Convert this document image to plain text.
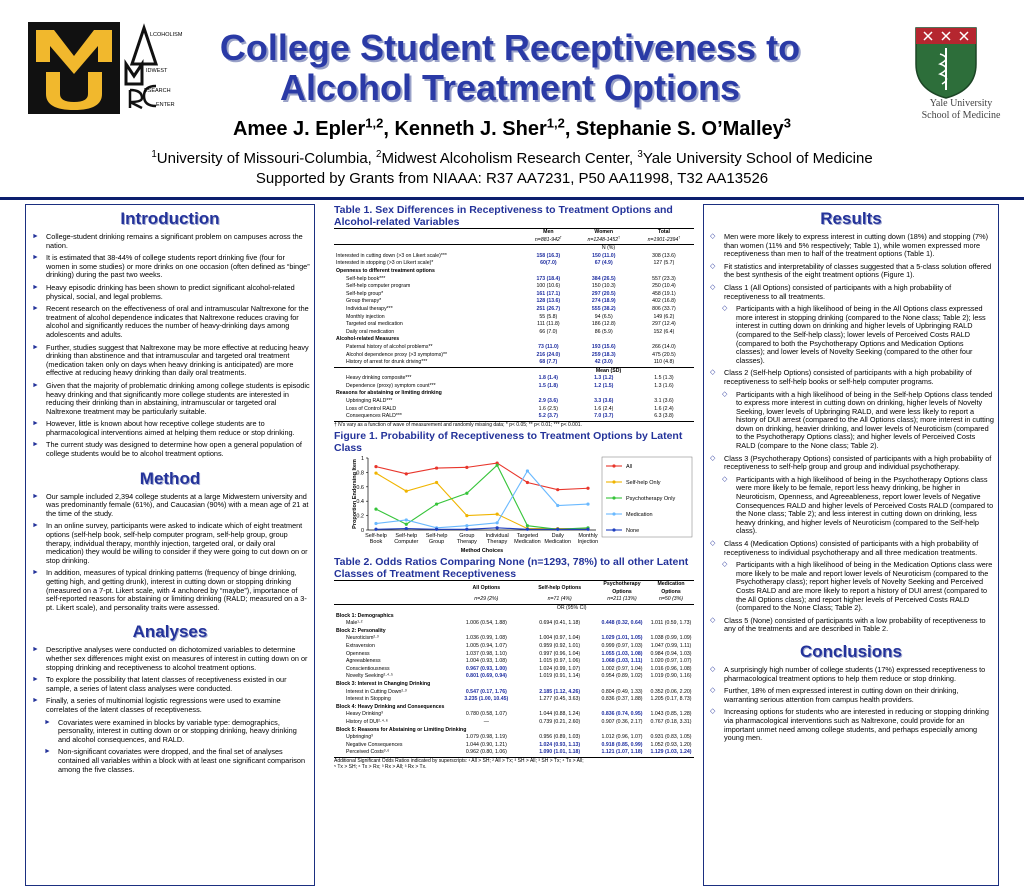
LCOHOLISM
IDWEST
ESEARCH
ENTER
College Student Receptiveness to
Alcohol Treatment Options	Yale University
School of Medicine
Amee J. Epler$^{1,2}$, Kenneth J. Sher$^{1,2}$, Stephanie S. O’Malley$^3$
$^1$University of Missouri-Columbia, $^2$Midwest Alcoholism Research Center, $^3$Yale University School of Medicine
Supported by Grants from NIAAA: R37 AA7231, P50 AA11998, T32 AA13526
Introduction
► College-student drinking remains a significant problem on campuses across the nation.
► It is estimated that 38-44% of college students report drinking five (four for women in some studies) or more drinks on one occasion (often defined as “binge” drinking) during the past two weeks.
► Heavy episodic drinking has been shown to predict significant alcohol-related physical, social, and legal problems.
► Recent research on the effectiveness of oral and intramuscular Naltrexone for the treatment of alcohol dependence indicates that Naltrexone reduces craving for alcohol and significantly reduces the number of heavy-drinking days among adolescents and adults.
► Further, studies suggest that Naltrexone may be more effective at reducing heavy drinking than abstinence and that intramuscular and targeted oral treatment (medication taken only on days when heavy drinking is anticipated) are more effective at reducing heavy drinking than daily oral treatments.
► Given that the majority of problematic drinking among college students is episodic heavy drinking and that significantly more college students are interested in reducing their drinking than in abstaining, intramuscular or targeted oral Naltrexone treatment may be particularly suitable.
► However, little is known about how receptive college students are to pharmacological interventions aimed at helping them reduce or stop drinking.
► The current study was designed to determine how open a general population of college students would be to alcohol treatment options.
Method
► Our sample included 2,394 college students at a large Midwestern university and was predominantly female (61%), and Caucasian (90%) with a mean age of 21 at the time of the study.
► In an online survey, participants were asked to indicate which of eight treatment options (self-help book, self-help computer program, self-help group, group therapy, individual therapy, monthly injection, targeted oral, or daily oral medication) they would be willing to consider if they were going to cut down on or stop drinking.
► In addition, measures of typical drinking patterns (frequency of binge drinking, getting high, and getting drunk), interest in cutting down or stopping drinking (measured on a 7-pt. Likert scale, with 4 anchored by “maybe”), importance of self-reported reasons for abstaining or limiting drinking (RALD; measured on a 3-pt. Likert scale), and personality traits were assessed.
Analyses
► Descriptive analyses were conducted on dichotomized variables to determine whether sex differences might exist on measures of interest in cutting down on or stopping drinking and receptiveness to alcohol treatment options.
► To explore the possibility that latent classes of receptiveness existed in our sample, a series of latent class analyses were conducted.
► Finally, a series of multinomial logistic regressions were used to examine correlates of the latent classes of receptiveness.
► Covariates were examined in blocks by variable type: demographics, personality, interest in cutting down or or stopping drinking, heavy drinking and alcohol consequences, and RALD.
► Non-significant covariates were dropped, and the final set of analyses contained all variables within a block with at least one significant comparison among the five classes.
Table 1. Sex Differences in Receptiveness to Treatment Options and Alcohol-related Variables
	Men	Women	Total
	n=881-942†	n=1248-1452†	n=1901-2394†
	N (%)		
Interested in cutting down (>3 on Likert scale)***	158 (16.3)	150 (11.0)	308 (13.6)
Interested in stopping (>3 on Likert scale)*	60(7.0)	67 (4.9)	127 (5.7)
Openness to different treatment options			
Self-help book***	173 (18.4)	384 (26.5)	557 (23.3)
Self-help computer program	100 (10.6)	150 (10.3)	250 (10.4)
Self-help group*	161 (17.1)	297 (20.5)	458 (19.1)
Group therapy*	128 (13.6)	274 (18.9)	402 (16.8)
Individual therapy***	251 (26.7)	555 (38.2)	806 (33.7)
Monthly injection	55 (5.8)	94 (6.5)	149 (6.2)
Targeted oral medication	111 (11.8)	186 (12.8)	297 (12.4)
Daily oral medication	66 (7.0)	86 (5.9)	152 (6.4)
Alcohol-related Measures			
Paternal history of alcohol problems**	73 (11.0)	193 (15.6)	266 (14.0)
Alcohol dependence proxy (>3 symptoms)**	216 (24.0)	259 (18.3)	475 (20.5)
History of arrest for drunk driving***	68 (7.7)	42 (3.0)	110 (4.8)
	Mean (SD)		
Heavy drinking composite***	1.8 (1.4)	1.3 (1.2)	1.5 (1.3)
Dependence (proxy) symptom count***	1.5 (1.8)	1.2 (1.5)	1.3 (1.6)
Reasons for abstaining or limiting drinking			
Upbringing RALD***	2.9 (3.6)	3.3 (3.6)	3.1 (3.6)
Loss of Control RALD	1.6 (2.5)	1.6 (2.4)	1.6 (2.4)
Consequences RALD***	5.2 (3.7)	7.0 (3.7)	6.3 (3.8)
† N's vary as a function of wave of measurement and randomly missing data; * p< 0.05; ** p< 0.01; *** p< 0.001.
Figure 1. Probability of Receptiveness to Treatment Options by Latent Class
0
0.2
0.4
0.6
0.8
1
Self-help
Book
Self-help
Computer
Self-help
Group
Group
Therapy
Individual
Therapy
Targeted
Medication
Daily
Medication
Monthly
Injection
Method Choices
Proportion Endorsing Item	All
Self-help Only
Psychotherapy Only
Medication
None
Table 2. Odds Ratios Comparing None (n=1293, 78%) to all other Latent Classes of Treatment Receptiveness
	All Options	Self-help Options	Psychotherapy Options	Medication Options
	n=29 (2%)	n=71 (4%)	n=211 (13%)	n=50 (3%)
	OR (95% CI)			
Block 1: Demographics				
Male¹·²	1.006 (0.54, 1.88)	0.694 (0.41, 1.18)	0.448 (0.32, 0.64)	1.011 (0.59, 1.73)
Block 2: Personality				
Neuroticism²·³	1.036 (0.99, 1.08)	1.004 (0.97, 1.04)	1.029 (1.01, 1.05)	1.038 (0.99, 1.09)
Extraversion	1.005 (0.94, 1.07)	0.959 (0.92, 1.01)	0.999 (0.97, 1.03)	1.047 (0.99, 1.11)
Openness	1.037 (0.98, 1.10)	0.997 (0.96, 1.04)	1.055 (1.03, 1.08)	0.984 (0.94, 1.03)
Agreeableness	1.004 (0.93, 1.08)	1.015 (0.97, 1.06)	1.068 (1.03, 1.11)	1.020 (0.97, 1.07)
Conscientiousness	0.967 (0.93, 1.00)	1.024 (0.99, 1.07)	1.002 (0.97, 1.04)	1.016 (0.96, 1.08)
Novelty Seeking²·⁴·⁵	0.801 (0.69, 0.94)	1.019 (0.91, 1.14)	0.954 (0.89, 1.02)	1.019 (0.90, 1.16)
Block 3: Interest in Changing Drinking				
Interest in Cutting Down²·³	0.547 (0.17, 1.76)	2.185 (1.12, 4.26)	0.804 (0.49, 1.33)	0.352 (0.06, 2.20)
Interest in Stopping	3.235 (1.00, 10.45)	1.277 (0.45, 3.63)	0.836 (0.37, 1.88)	1.205 (0.17, 8.73)
Block 4: Heavy Drinking and Consequences				
Heavy Drinking³	0.780 (0.58, 1.07)	1.044 (0.88, 1.24)	0.836 (0.74, 0.95)	1.043 (0.85, 1.28)
History of DUI²·⁴·⁶	—	0.739 (0.21, 2.60)	0.907 (0.36, 2.17)	0.767 (0.18, 3.31)
Block 5: Reasons for Abstaining or Limiting Drinking				
Upbringing³	1.079 (0.98, 1.19)	0.956 (0.89, 1.03)	1.012 (0.96, 1.07)	0.931 (0.83, 1.05)
Negative Consequences	1.044 (0.90, 1.21)	1.024 (0.93, 1.13)	0.918 (0.85, 0.99)	1.052 (0.93, 1.20)
Perceived Costs³·⁶	0.962 (0.80, 1.06)	1.090 (1.01, 1.18)	1.121 (1.07, 1.18)	1.129 (1.03, 1.24)
Additional Significant Odds Ratios indicated by superscripts: ¹ All > SH; ² All > Tx; ³ SH > All; ³ SH > Tx; ⁴ Tx > All;
⁵ Tx > SH; ⁶ Tx > Rx; ³ Rx > All; ³ Rx > Tx.
Results
◇ Men were more likely to express interest in cutting down (18%) and stopping (7%) than women (11% and 5% respectively; Table 1), while women expressed more receptiveness than men to half of the treatment options (Table 1).
◇ Fit statistics and interpretability of classes suggested that a 5-class solution offered the best synthesis of the eight treatment options (Figure 1).
◇ Class 1 (All Options) consisted of participants with a high probability of receptiveness to all treatments.
◇ Participants with a high likelihood of being in the All Options class expressed more interest in stopping drinking (compared to the None class; Table 2); less interest in cutting down on drinking and higher levels of Upbringing RALD (compared to the Self-help class); lower levels of Perceived Costs RALD (compared to both the Psychotherapy Options and Medication Options classes); and lower levels of Novelty Seeking (compared to the other four classes).
◇ Class 2 (Self-help Options) consisted of participants with a high probability of receptiveness to self-help books or self-help computer programs.
◇ Participants with a high likelihood of being in the Self-help Options class tended to express more interest in cutting down on drinking, higher levels of Novelty Seeking, lower levels of Upbringing RALD, and were less likely to report a history of DUI arrest (compared to the All Options class); more interest in cutting down on drinking, heavier drinking, and lower levels of Neuroticism (compared to the Psychotherapy Options class); and higher levels of Perceived Costs RALD (compare to the None class; Table 2).
◇ Class 3 (Psychotherapy Options) consisted of participants with a high probability of receptiveness to self-help group and group and individual psychotherapy.
◇ Participants with a high likelihood of being in the Psychotherapy Options class were more likely to be female, report less heavy drinking, be higher in Neuroticism, Openness, and Agreeableness, report lower levels of Negative Consequences RALD and higher levels of Perceived Costs RALD (compared to the None class; Table 2); and less interest in cutting down on drinking, less heavy drinking, and higher levels of Neuroticism (compared to the Self-help class).
◇ Class 4 (Medication Options) consisted of participants with a high probability of receptiveness to individual psychotherapy and all three medication treatments.
◇ Participants with a high likelihood of being in the Medication Options class were more likely to be male and report lower levels of Neuroticism (compared to the Psychotherapy class); report higher levels of Novelty Seeking and Perceived Costs RALD and are more likely to report a history of DUI arrest (compared to the All Options class); and report higher levels of Perceived Costs RALD (compared to the None Class; Table 2).
◇ Class 5 (None) consisted of participants with a low probability of receptiveness to any of the treatments and are described in Table 2.
Conclusions
◇ A surprisingly high number of college students (17%) expressed receptiveness to pharmacological treatment options to help them reduce or stop drinking.
◇ Further, 18% of men expressed interest in cutting down on their drinking, warranting serious attention from campus health providers.
◇ Increasing options for students who are interested in reducing or stopping drinking via pharmacological interventions such as Naltrexone, could provide for an important unmet need among college students, and perhaps especially among young men.
